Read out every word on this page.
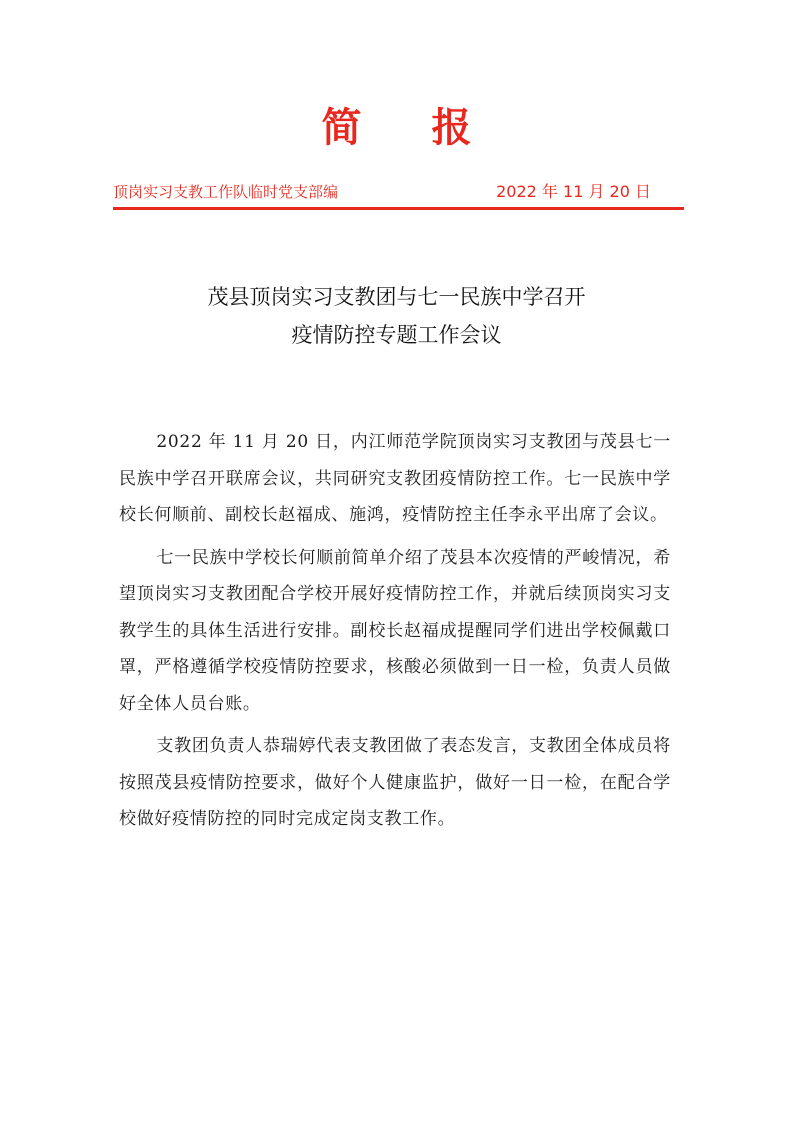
简 报
顶岗实习支教工作队临时党支部编	2022 年 11 月 20 日
茂县顶岗实习支教团与七一民族中学召开
疫情防控专题工作会议

2022 年 11 月 20 日，内江师范学院顶岗实习支教团与茂县七一民族中学召开联席会议，共同研究支教团疫情防控工作。七一民族中学校长何顺前、副校长赵福成、施鸿，疫情防控主任李永平出席了会议。

七一民族中学校长何顺前简单介绍了茂县本次疫情的严峻情况，希望顶岗实习支教团配合学校开展好疫情防控工作，并就后续顶岗实习支教学生的具体生活进行安排。副校长赵福成提醒同学们进出学校佩戴口罩，严格遵循学校疫情防控要求，核酸必须做到一日一检，负责人员做好全体人员台账。

支教团负责人恭瑞婷代表支教团做了表态发言，支教团全体成员将按照茂县疫情防控要求，做好个人健康监护，做好一日一检，在配合学校做好疫情防控的同时完成定岗支教工作。
